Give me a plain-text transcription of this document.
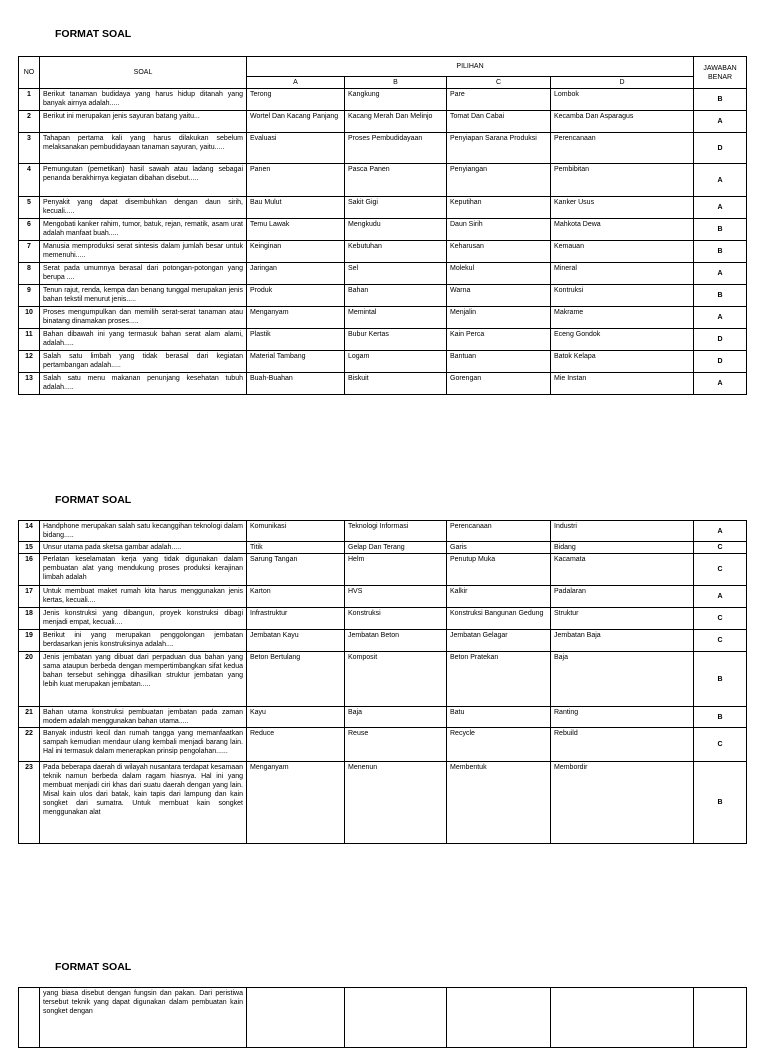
FORMAT SOAL
NO	SOAL	PILIHAN				JAWABAN BENAR
		A	B	C	D	
1	Berikut tanaman budidaya yang harus hidup ditanah yang banyak airnya adalah.....	Terong	Kangkung	Pare	Lombok	B
2	Berikut ini merupakan jenis sayuran batang yaitu...	Wortel Dan Kacang Panjang	Kacang Merah Dan Melinjo	Tomat Dan Cabai	Kecamba Dan Asparagus	A
3	Tahapan pertama kali yang harus dilakukan sebelum melaksanakan pembudidayaan tanaman sayuran, yaitu.....	Evaluasi	Proses Pembudidayaan	Penyiapan Sarana Produksi	Perencanaan	D
4	Pemungutan (pemetikan) hasil sawah atau ladang sebagai penanda berakhirnya kegiatan dibahan disebut.....	Panen	Pasca Panen	Penyiangan	Pembibitan	A
5	Penyakit yang dapat disembuhkan dengan daun sirih, kecuali.....	Bau Mulut	Sakit Gigi	Keputihan	Kanker Usus	A
6	Mengobati kanker rahim, tumor, batuk, rejan, rematik, asam urat adalah manfaat buah.....	Temu Lawak	Mengkudu	Daun Sirih	Mahkota Dewa	B
7	Manusia memproduksi serat sintesis dalam jumlah besar untuk memenuhi.....	Keinginan	Kebutuhan	Keharusan	Kemauan	B
8	Serat pada umumnya berasal dari potongan-potongan yang berupa ....	Jaringan	Sel	Molekul	Mineral	A
9	Tenun rajut, renda, kempa dan benang tunggal merupakan jenis bahan tekstil menurut jenis.....	Produk	Bahan	Warna	Kontruksi	B
10	Proses mengumpulkan dan memilih serat-serat tanaman atau binatang dinamakan proses.....	Menganyam	Memintal	Menjalin	Makrame	A
11	Bahan dibawah ini yang termasuk bahan serat alam alami, adalah.....	Plastik	Bubur Kertas	Kain Perca	Eceng Gondok	D
12	Salah satu limbah yang tidak berasal dari kegiatan pertambangan adalah.....	Material Tambang	Logam	Bantuan	Batok Kelapa	D
13	Salah satu menu makanan penunjang kesehatan tubuh adalah.....	Buah-Buahan	Biskuit	Gorengan	Mie Instan	A
FORMAT SOAL
14	Handphone merupakan salah satu kecanggihan teknologi dalam bidang.....	Komunikasi	Teknologi Informasi	Perencanaan	Industri	A
15	Unsur utama pada sketsa gambar adalah.....	Titik	Gelap Dan Terang	Garis	Bidang	C
16	Perlatan keselamatan kerja yang tidak digunakan dalam pembuatan alat yang mendukung proses produksi kerajinan limbah adalah	Sarung Tangan	Helm	Penutup Muka	Kacamata	C
17	Untuk membuat maket rumah kita harus menggunakan jenis kertas, kecuali....	Karton	HVS	Kalkir	Padalaran	A
18	Jenis konstruksi yang dibangun, proyek konstruksi dibagi menjadi empat, kecuali....	Infrastruktur	Konstruksi	Konstruksi Bangunan Gedung	Struktur	C
19	Berikut ini yang merupakan penggolongan jembatan berdasarkan jenis konstruksinya adalah....	Jembatan Kayu	Jembatan Beton	Jembatan Gelagar	Jembatan Baja	C
20	Jenis jembatan yang dibuat dari perpaduan dua bahan yang sama ataupun berbeda dengan mempertimbangkan sifat kedua bahan tersebut sehingga dihasilkan struktur jembatan yang lebih kuat merupakan jembatan.....	Beton Bertulang	Komposit	Beton Pratekan	Baja	B
21	Bahan utama konstruksi pembuatan jembatan pada zaman modern adalah menggunakan bahan utama.....	Kayu	Baja	Batu	Ranting	B
22	Banyak industri kecil dan rumah tangga yang memanfaatkan sampah kemudian mendaur ulang kembali menjadi barang lain. Hal ini termasuk dalam menerapkan prinsip pengolahan......	Reduce	Reuse	Recycle	Rebuild	C
23	Pada beberapa daerah di wilayah nusantara terdapat kesamaan teknik namun berbeda dalam ragam hiasnya. Hal ini yang membuat menjadi ciri khas dari suatu daerah dengan yang lain. Misal kain ulos dari batak, kain tapis dari lampung dan kain songket dari sumatra. Untuk membuat kain songket menggunakan alat	Menganyam	Menenun	Membentuk	Membordir	B
FORMAT SOAL
	yang biasa disebut dengan fungsin dan pakan. Dari peristiwa tersebut teknik yang dapat digunakan dalam pembuatan kain songket dengan					
